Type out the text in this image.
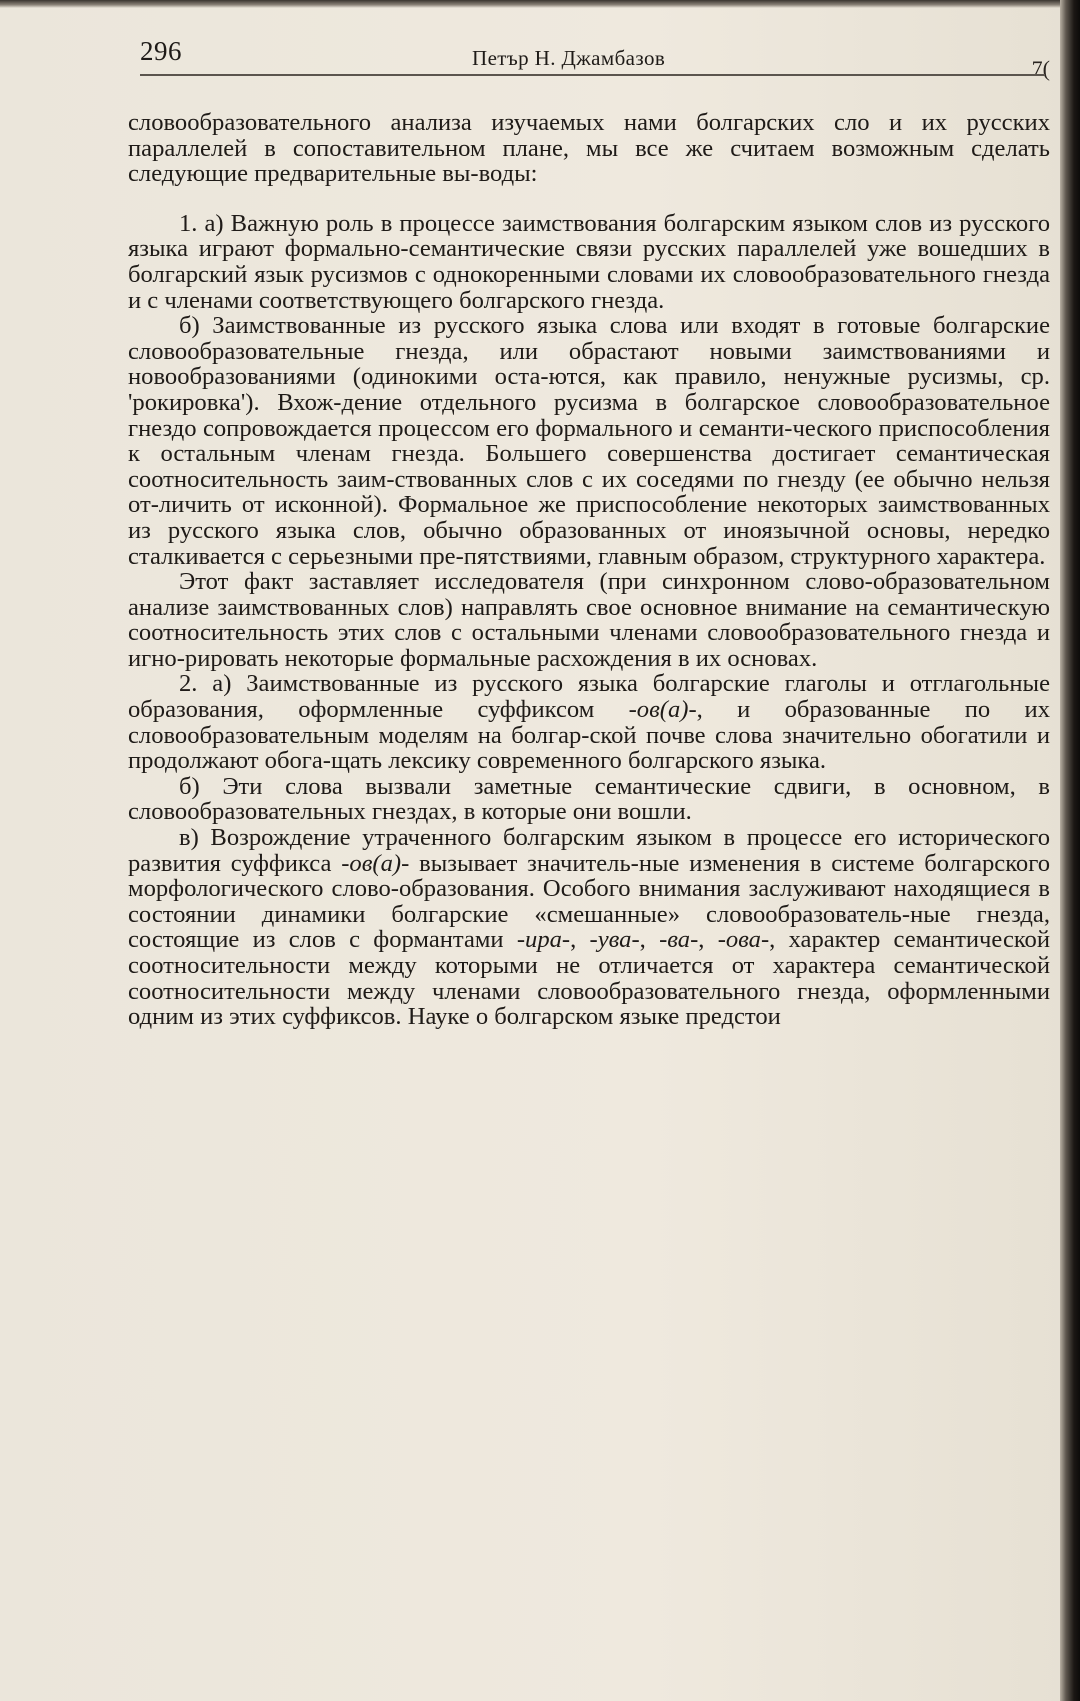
296	Петър Н. Джамбазов	7(

словообразовательного анализа изучаемых нами болгарских сло и их русских параллелей в сопоставительном плане, мы все же считаем возможным сделать следующие предварительные вы-воды:

1. а) Важную роль в процессе заимствования болгарским языком слов из русского языка играют формально-семантические связи русских параллелей уже вошедших в болгарский язык русизмов с однокоренными словами их словообразовательного гнезда и с членами соответствующего болгарского гнезда.

б) Заимствованные из русского языка слова или входят в готовые болгарские словообразовательные гнезда, или обрастают новыми заимствованиями и новообразованиями (одинокими оста-ются, как правило, ненужные русизмы, ср. 'рокировка'). Вхож-дение отдельного русизма в болгарское словообразовательное гнездо сопровождается процессом его формального и семанти-ческого приспособления к остальным членам гнезда. Большего совершенства достигает семантическая соотносительность заим-ствованных слов с их соседями по гнезду (ее обычно нельзя от-личить от исконной). Формальное же приспособление некоторых заимствованных из русского языка слов, обычно образованных от иноязычной основы, нередко сталкивается с серьезными пре-пятствиями, главным образом, структурного характера.

Этот факт заставляет исследователя (при синхронном слово-образовательном анализе заимствованных слов) направлять свое основное внимание на семантическую соотносительность этих слов с остальными членами словообразовательного гнезда и игно-рировать некоторые формальные расхождения в их основах.

2. а) Заимствованные из русского языка болгарские глаголы и отглагольные образования, оформленные суффиксом -ов(а)-, и образованные по их словообразовательным моделям на болгар-ской почве слова значительно обогатили и продолжают обога-щать лексику современного болгарского языка.

б) Эти слова вызвали заметные семантические сдвиги, в основном, в словообразовательных гнездах, в которые они вошли.

в) Возрождение утраченного болгарским языком в процессе его исторического развития суффикса -ов(а)- вызывает значитель-ные изменения в системе болгарского морфологического слово-образования. Особого внимания заслуживают находящиеся в состоянии динамики болгарские «смешанные» словообразователь-ные гнезда, состоящие из слов с формантами -ира-, -ува-, -ва-, -ова-, характер семантической соотносительности между которыми не отличается от характера семантической соотносительности между членами словообразовательного гнезда, оформленными одним из этих суффиксов. Науке о болгарском языке предстои
